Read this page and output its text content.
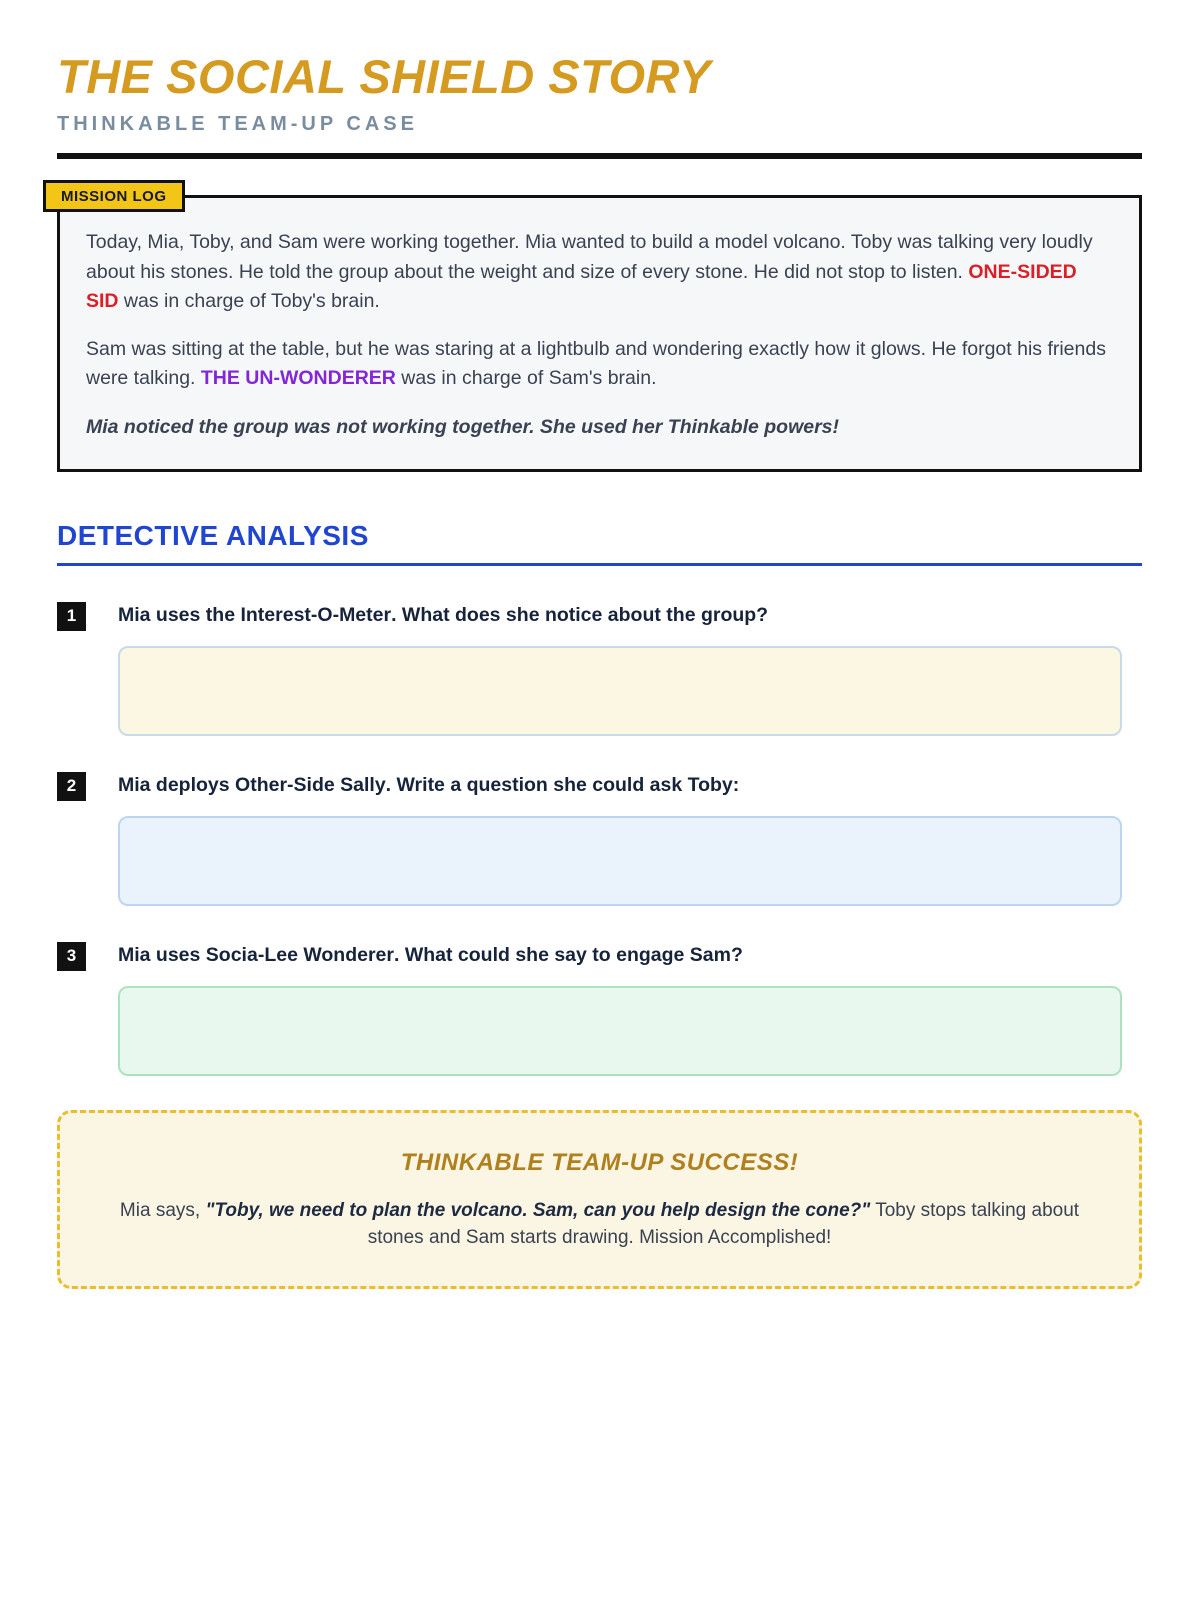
THE SOCIAL SHIELD STORY
THINKABLE TEAM-UP CASE
MISSION LOG

Today, Mia, Toby, and Sam were working together. Mia wanted to build a model volcano. Toby was talking very loudly about his stones. He told the group about the weight and size of every stone. He did not stop to listen. ONE-SIDED SID was in charge of Toby's brain.

Sam was sitting at the table, but he was staring at a lightbulb and wondering exactly how it glows. He forgot his friends were talking. THE UN-WONDERER was in charge of Sam's brain.

Mia noticed the group was not working together. She used her Thinkable powers!

DETECTIVE ANALYSIS
1	Mia uses the Interest-O-Meter. What does she notice about the group?
2	Mia deploys Other-Side Sally. Write a question she could ask Toby:
3	Mia uses Socia-Lee Wonderer. What could she say to engage Sam?
THINKABLE TEAM-UP SUCCESS!
Mia says, "Toby, we need to plan the volcano. Sam, can you help design the cone?" Toby stops talking about stones and Sam starts drawing. Mission Accomplished!
